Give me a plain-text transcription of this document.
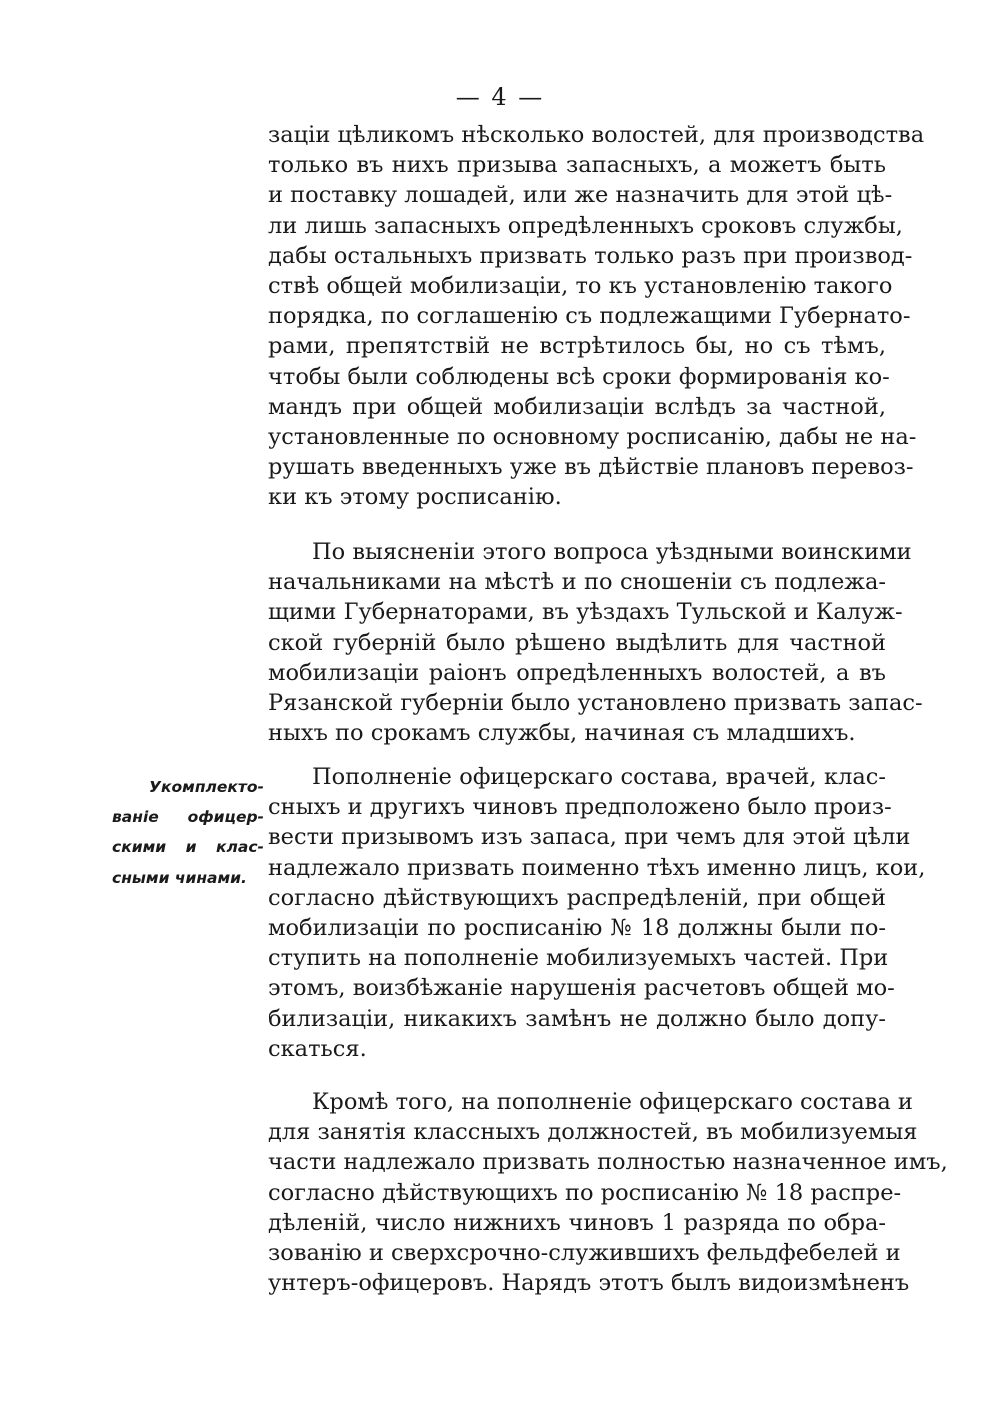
— 4 —
Укомплекто-
ваніе офицер-
скими и клас-
сными чинами.
заціи цѣликомъ нѣсколько волостей, для производства
только въ нихъ призыва запасныхъ, а можетъ быть
и поставку лошадей, или же назначить для этой цѣ-
ли лишь запасныхъ опредѣленныхъ сроковъ службы,
дабы остальныхъ призвать только разъ при производ-
ствѣ общей мобилизаціи, то къ установленію такого
порядка, по соглашенію съ подлежащими Губернато-
рами, препятствій не встрѣтилось бы, но съ тѣмъ,
чтобы были соблюдены всѣ сроки формированія ко-
мандъ при общей мобилизаціи вслѣдъ за частной,
установленные по основному росписанію, дабы не на-
рушать введенныхъ уже въ дѣйствіе плановъ перевоз-
ки къ этому росписанію.
По выясненіи этого вопроса уѣздными воинскими
начальниками на мѣстѣ и по сношеніи съ подлежа-
щими Губернаторами, въ уѣздахъ Тульской и Калуж-
ской губерній было рѣшено выдѣлить для частной
мобилизаціи раіонъ опредѣленныхъ волостей, а въ
Рязанской губерніи было установлено призвать запас-
ныхъ по срокамъ службы, начиная съ младшихъ.
Пополненіе офицерскаго состава, врачей, клас-
сныхъ и другихъ чиновъ предположено было произ-
вести призывомъ изъ запаса, при чемъ для этой цѣли
надлежало призвать поименно тѣхъ именно лицъ, кои,
согласно дѣйствующихъ распредѣленій, при общей
мобилизаціи по росписанію № 18 должны были по-
ступить на пополненіе мобилизуемыхъ частей. При
этомъ, воизбѣжаніе нарушенія расчетовъ общей мо-
билизаціи, никакихъ замѣнъ не должно было допу-
скаться.
Кромѣ того, на пополненіе офицерскаго состава и
для занятія классныхъ должностей, въ мобилизуемыя
части надлежало призвать полностью назначенное имъ,
согласно дѣйствующихъ по росписанію № 18 распре-
дѣленій, число нижнихъ чиновъ 1 разряда по обра-
зованію и сверхсрочно-служившихъ фельдфебелей и
унтеръ-офицеровъ. Нарядъ этотъ былъ видоизмѣненъ
